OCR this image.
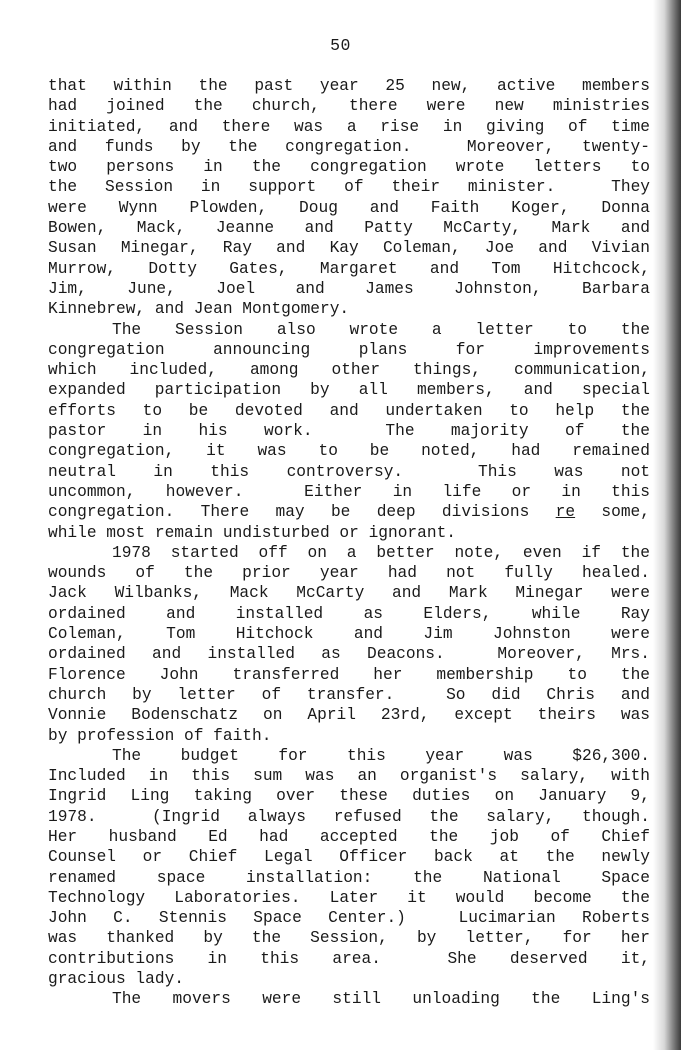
50
that within the past year 25 new, active members
had joined the church, there were new ministries
initiated, and there was a rise in giving of time
and funds by the congregation.  Moreover, twenty-
two persons in the congregation wrote letters to
the Session in support of their minister.  They
were Wynn Plowden, Doug and Faith Koger, Donna
Bowen, Mack, Jeanne and Patty McCarty, Mark and
Susan Minegar, Ray and Kay Coleman, Joe and Vivian
Murrow, Dotty Gates, Margaret and Tom Hitchcock,
Jim, June, Joel and James Johnston, Barbara
Kinnebrew, and Jean Montgomery.
The Session also wrote a letter to the
congregation announcing plans for improvements
which included, among other things, communication,
expanded participation by all members, and special
efforts to be devoted and undertaken to help the
pastor in his work.  The majority of the
congregation, it was to be noted, had remained
neutral in this controversy.  This was not
uncommon, however.  Either in life or in this
congregation. There may be deep divisions re some,
while most remain undisturbed or ignorant.
1978 started off on a better note, even if the
wounds of the prior year had not fully healed.
Jack Wilbanks, Mack McCarty and Mark Minegar were
ordained and installed as Elders, while Ray
Coleman, Tom Hitchock and Jim Johnston were
ordained and installed as Deacons.  Moreover, Mrs.
Florence John transferred her membership to the
church by letter of transfer.  So did Chris and
Vonnie Bodenschatz on April 23rd, except theirs was
by profession of faith.
The budget for this year was $26,300.
Included in this sum was an organist's salary, with
Ingrid Ling taking over these duties on January 9,
1978.  (Ingrid always refused the salary, though.
Her husband Ed had accepted the job of Chief
Counsel or Chief Legal Officer back at the newly
renamed space installation: the National Space
Technology Laboratories. Later it would become the
John C. Stennis Space Center.)  Lucimarian Roberts
was thanked by the Session, by letter, for her
contributions in this area.  She deserved it,
gracious lady.
The movers were still unloading the Ling's
